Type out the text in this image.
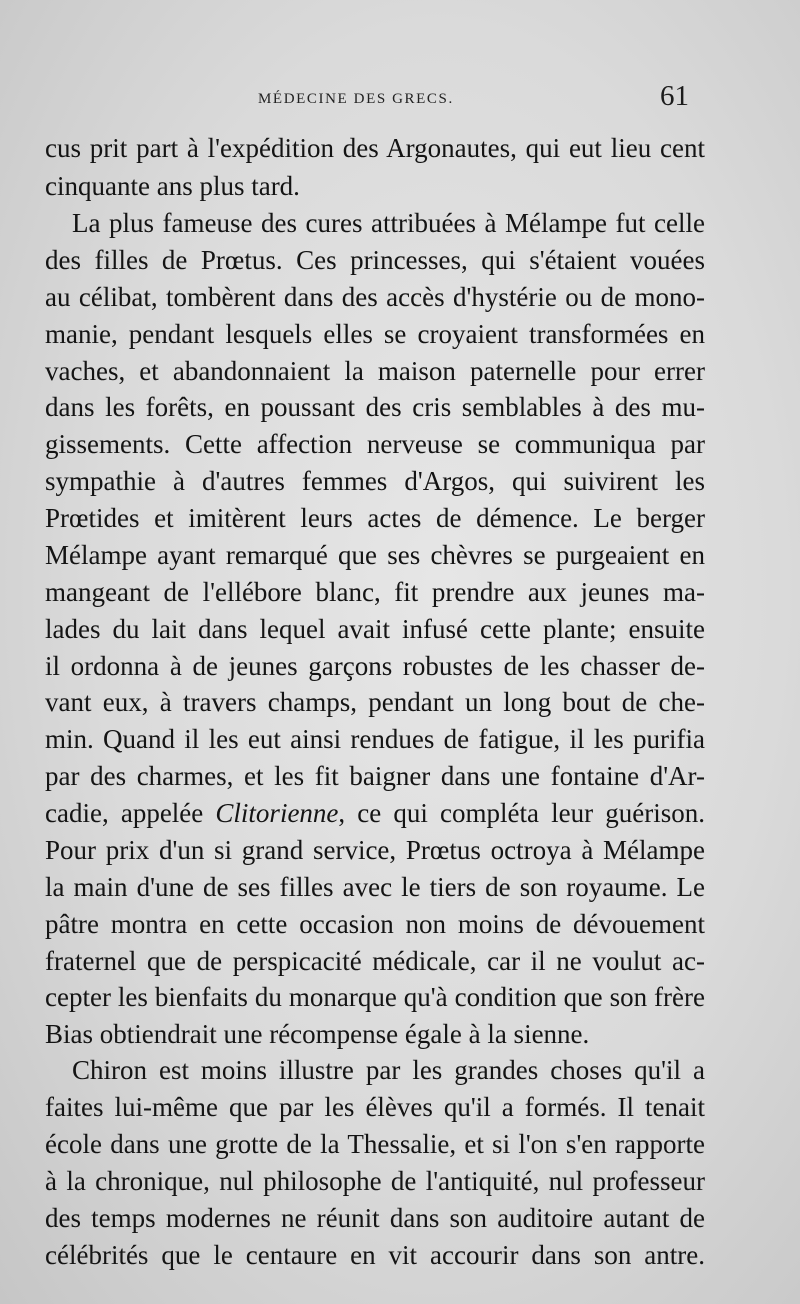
MÉDECINE DES GRECS.	61
cus prit part à l'expédition des Argonautes, qui eut lieu cent
cinquante ans plus tard.
La plus fameuse des cures attribuées à Mélampe fut celle
des filles de Prœtus. Ces princesses, qui s'étaient vouées
au célibat, tombèrent dans des accès d'hystérie ou de mono-
manie, pendant lesquels elles se croyaient transformées en
vaches, et abandonnaient la maison paternelle pour errer
dans les forêts, en poussant des cris semblables à des mu-
gissements. Cette affection nerveuse se communiqua par
sympathie à d'autres femmes d'Argos, qui suivirent les
Prœtides et imitèrent leurs actes de démence. Le berger
Mélampe ayant remarqué que ses chèvres se purgeaient en
mangeant de l'ellébore blanc, fit prendre aux jeunes ma-
lades du lait dans lequel avait infusé cette plante; ensuite
il ordonna à de jeunes garçons robustes de les chasser de-
vant eux, à travers champs, pendant un long bout de che-
min. Quand il les eut ainsi rendues de fatigue, il les purifia
par des charmes, et les fit baigner dans une fontaine d'Ar-
cadie, appelée Clitorienne, ce qui compléta leur guérison.
Pour prix d'un si grand service, Prœtus octroya à Mélampe
la main d'une de ses filles avec le tiers de son royaume. Le
pâtre montra en cette occasion non moins de dévouement
fraternel que de perspicacité médicale, car il ne voulut ac-
cepter les bienfaits du monarque qu'à condition que son frère
Bias obtiendrait une récompense égale à la sienne.
Chiron est moins illustre par les grandes choses qu'il a
faites lui-même que par les élèves qu'il a formés. Il tenait
école dans une grotte de la Thessalie, et si l'on s'en rapporte
à la chronique, nul philosophe de l'antiquité, nul professeur
des temps modernes ne réunit dans son auditoire autant de
célébrités que le centaure en vit accourir dans son antre.
